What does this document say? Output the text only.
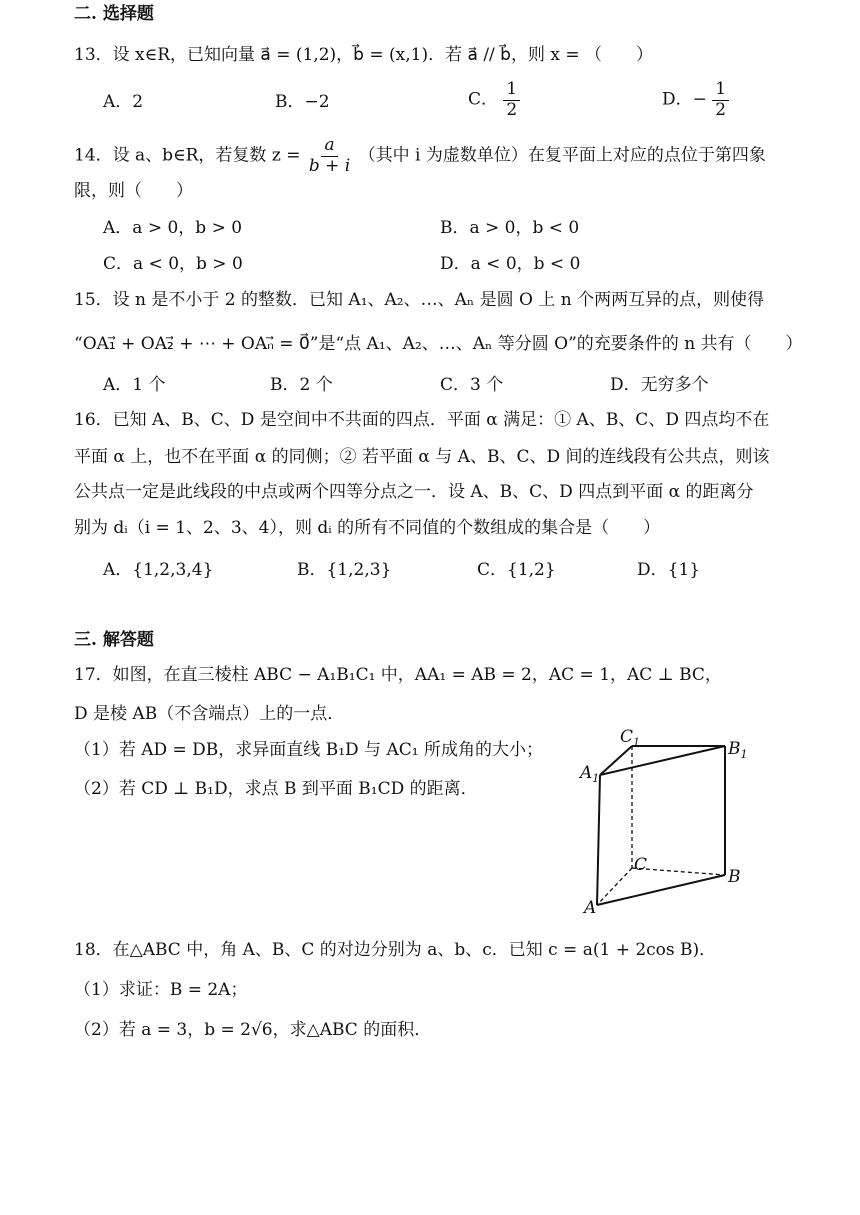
二. 选择题
13．设 x∈R，已知向量 a⃗ = (1,2)，b⃗ = (x,1)．若 a⃗ // b⃗，则 x = （　　）
A．2	B．−2	C． $\frac{1}{2}$	D．− $\frac{1}{2}$
14．设 a、b∈R，若复数 $z = \frac{a}{b + i}$ （其中 i 为虚数单位）在复平面上对应的点位于第四象
限，则（　　）
A．a > 0，b > 0	B．a > 0，b < 0
C．a < 0，b > 0	D．a < 0，b < 0
15．设 n 是不小于 2 的整数．已知 A₁、A₂、…、Aₙ 是圆 O 上 n 个两两互异的点，则使得
“OA₁⃗ + OA₂⃗ + ⋯ + OAₙ⃗ = 0⃗”是“点 A₁、A₂、…、Aₙ 等分圆 O”的充要条件的 n 共有（　　）
A．1 个	B．2 个	C．3 个	D．无穷多个
16．已知 A、B、C、D 是空间中不共面的四点．平面 α 满足：① A、B、C、D 四点均不在
平面 α 上，也不在平面 α 的同侧；② 若平面 α 与 A、B、C、D 间的连线段有公共点，则该
公共点一定是此线段的中点或两个四等分点之一．设 A、B、C、D 四点到平面 α 的距离分
别为 dᵢ（i = 1、2、3、4），则 dᵢ 的所有不同值的个数组成的集合是（　　）
A．{1,2,3,4}	B．{1,2,3}	C．{1,2}	D．{1}
三. 解答题
17．如图，在直三棱柱 ABC − A₁B₁C₁ 中，AA₁ = AB = 2，AC = 1，AC ⊥ BC，
D 是棱 AB（不含端点）上的一点．
（1）若 AD = DB，求异面直线 B₁D 与 AC₁ 所成角的大小；
（2）若 CD ⊥ B₁D，求点 B 到平面 B₁CD 的距离．
$C_1$	$B_1$
$A_1$
C
B
A
18．在△ABC 中，角 A、B、C 的对边分别为 a、b、c．已知 c = a(1 + 2cos B)．
（1）求证：B = 2A；
（2）若 a = 3，b = 2√6，求△ABC 的面积．
